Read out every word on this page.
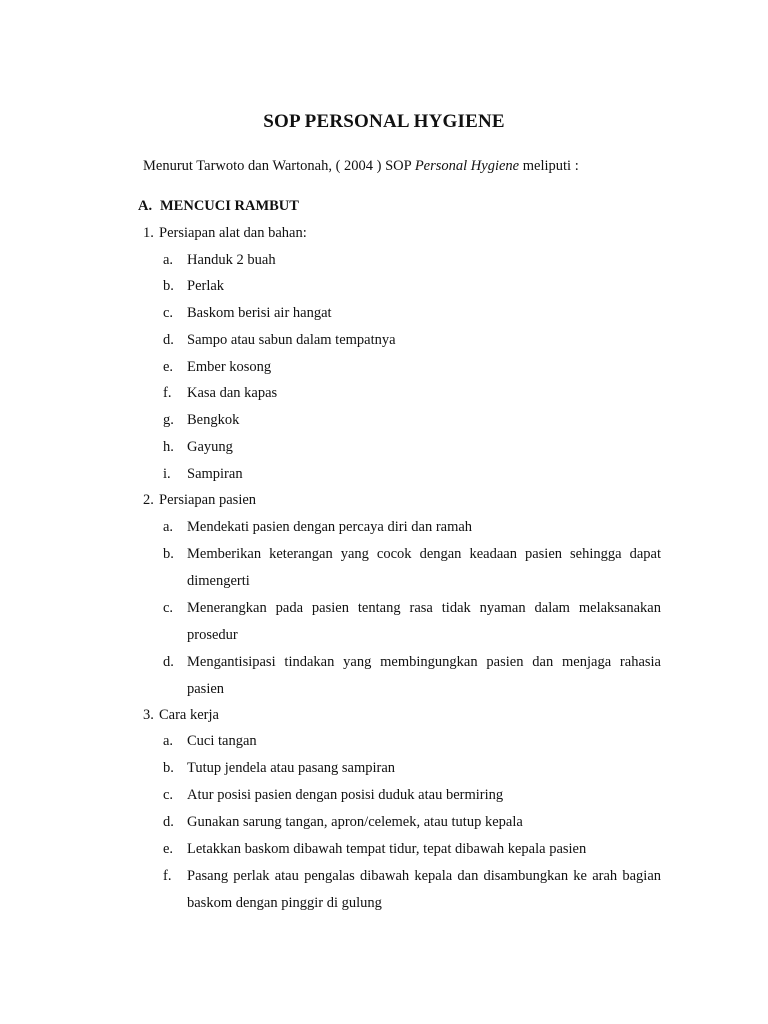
SOP PERSONAL HYGIENE
Menurut Tarwoto dan Wartonah, ( 2004 ) SOP Personal Hygiene meliputi :
A. MENCUCI RAMBUT
1. Persiapan alat dan bahan:
a. Handuk 2 buah
b. Perlak
c. Baskom berisi air hangat
d. Sampo atau sabun dalam tempatnya
e. Ember kosong
f. Kasa dan kapas
g. Bengkok
h. Gayung
i. Sampiran
2. Persiapan pasien
a. Mendekati pasien dengan percaya diri dan ramah
b. Memberikan keterangan yang cocok dengan keadaan pasien sehingga dapat dimengerti
c. Menerangkan pada pasien tentang rasa tidak nyaman dalam melaksanakan prosedur
d. Mengantisipasi tindakan yang membingungkan pasien dan menjaga rahasia pasien
3. Cara kerja
a. Cuci tangan
b. Tutup jendela atau pasang sampiran
c. Atur posisi pasien dengan posisi duduk atau bermiring
d. Gunakan sarung tangan, apron/celemek, atau tutup kepala
e. Letakkan baskom dibawah tempat tidur, tepat dibawah kepala pasien
f. Pasang perlak atau pengalas dibawah kepala dan disambungkan ke arah bagian baskom dengan pinggir di gulung
